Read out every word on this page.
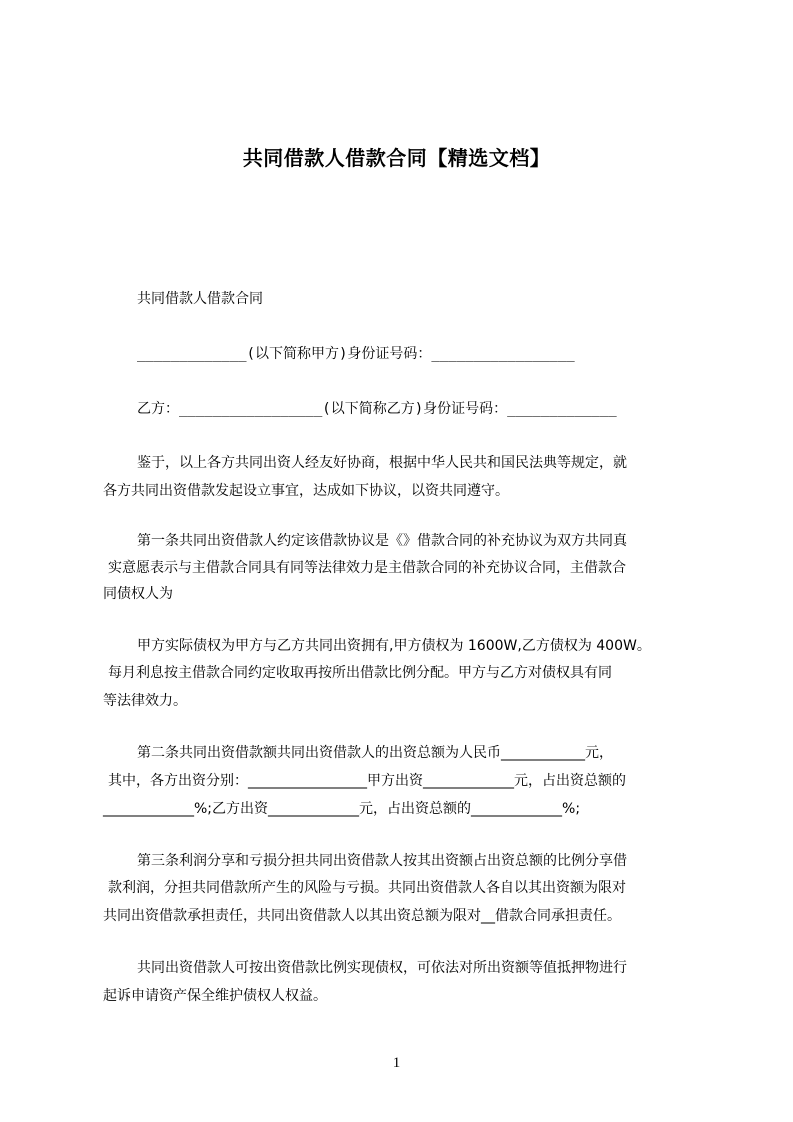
共同借款人借款合同【精选文档】
共同借款人借款合同
_____________(以下简称甲方)身份证号码：_________________
乙方：_________________(以下简称乙方)身份证号码：_____________
鉴于，以上各方共同出资人经友好协商，根据中华人民共和国民法典等规定，就
各方共同出资借款发起设立事宜，达成如下协议，以资共同遵守。
第一条共同出资借款人约定该借款协议是《》借款合同的补充协议为双方共同真
实意愿表示与主借款合同具有同等法律效力是主借款合同的补充协议合同，主借款合
同债权人为
甲方实际债权为甲方与乙方共同出资拥有,甲方债权为 1600W,乙方债权为 400W。
每月利息按主借款合同约定收取再按所出借款比例分配。甲方与乙方对债权具有同
等法律效力。
第二条共同出资借款额共同出资借款人的出资总额为人民币____________元，
其中，各方出资分别：_________________甲方出资_____________元，占出资总额的
_____________%;乙方出资_____________元，占出资总额的_____________%;
第三条利润分享和亏损分担共同出资借款人按其出资额占出资总额的比例分享借
款利润，分担共同借款所产生的风险与亏损。共同出资借款人各自以其出资额为限对
共同出资借款承担责任，共同出资借款人以其出资总额为限对__借款合同承担责任。
共同出资借款人可按出资借款比例实现债权，可依法对所出资额等值抵押物进行
起诉申请资产保全维护债权人权益。
1
